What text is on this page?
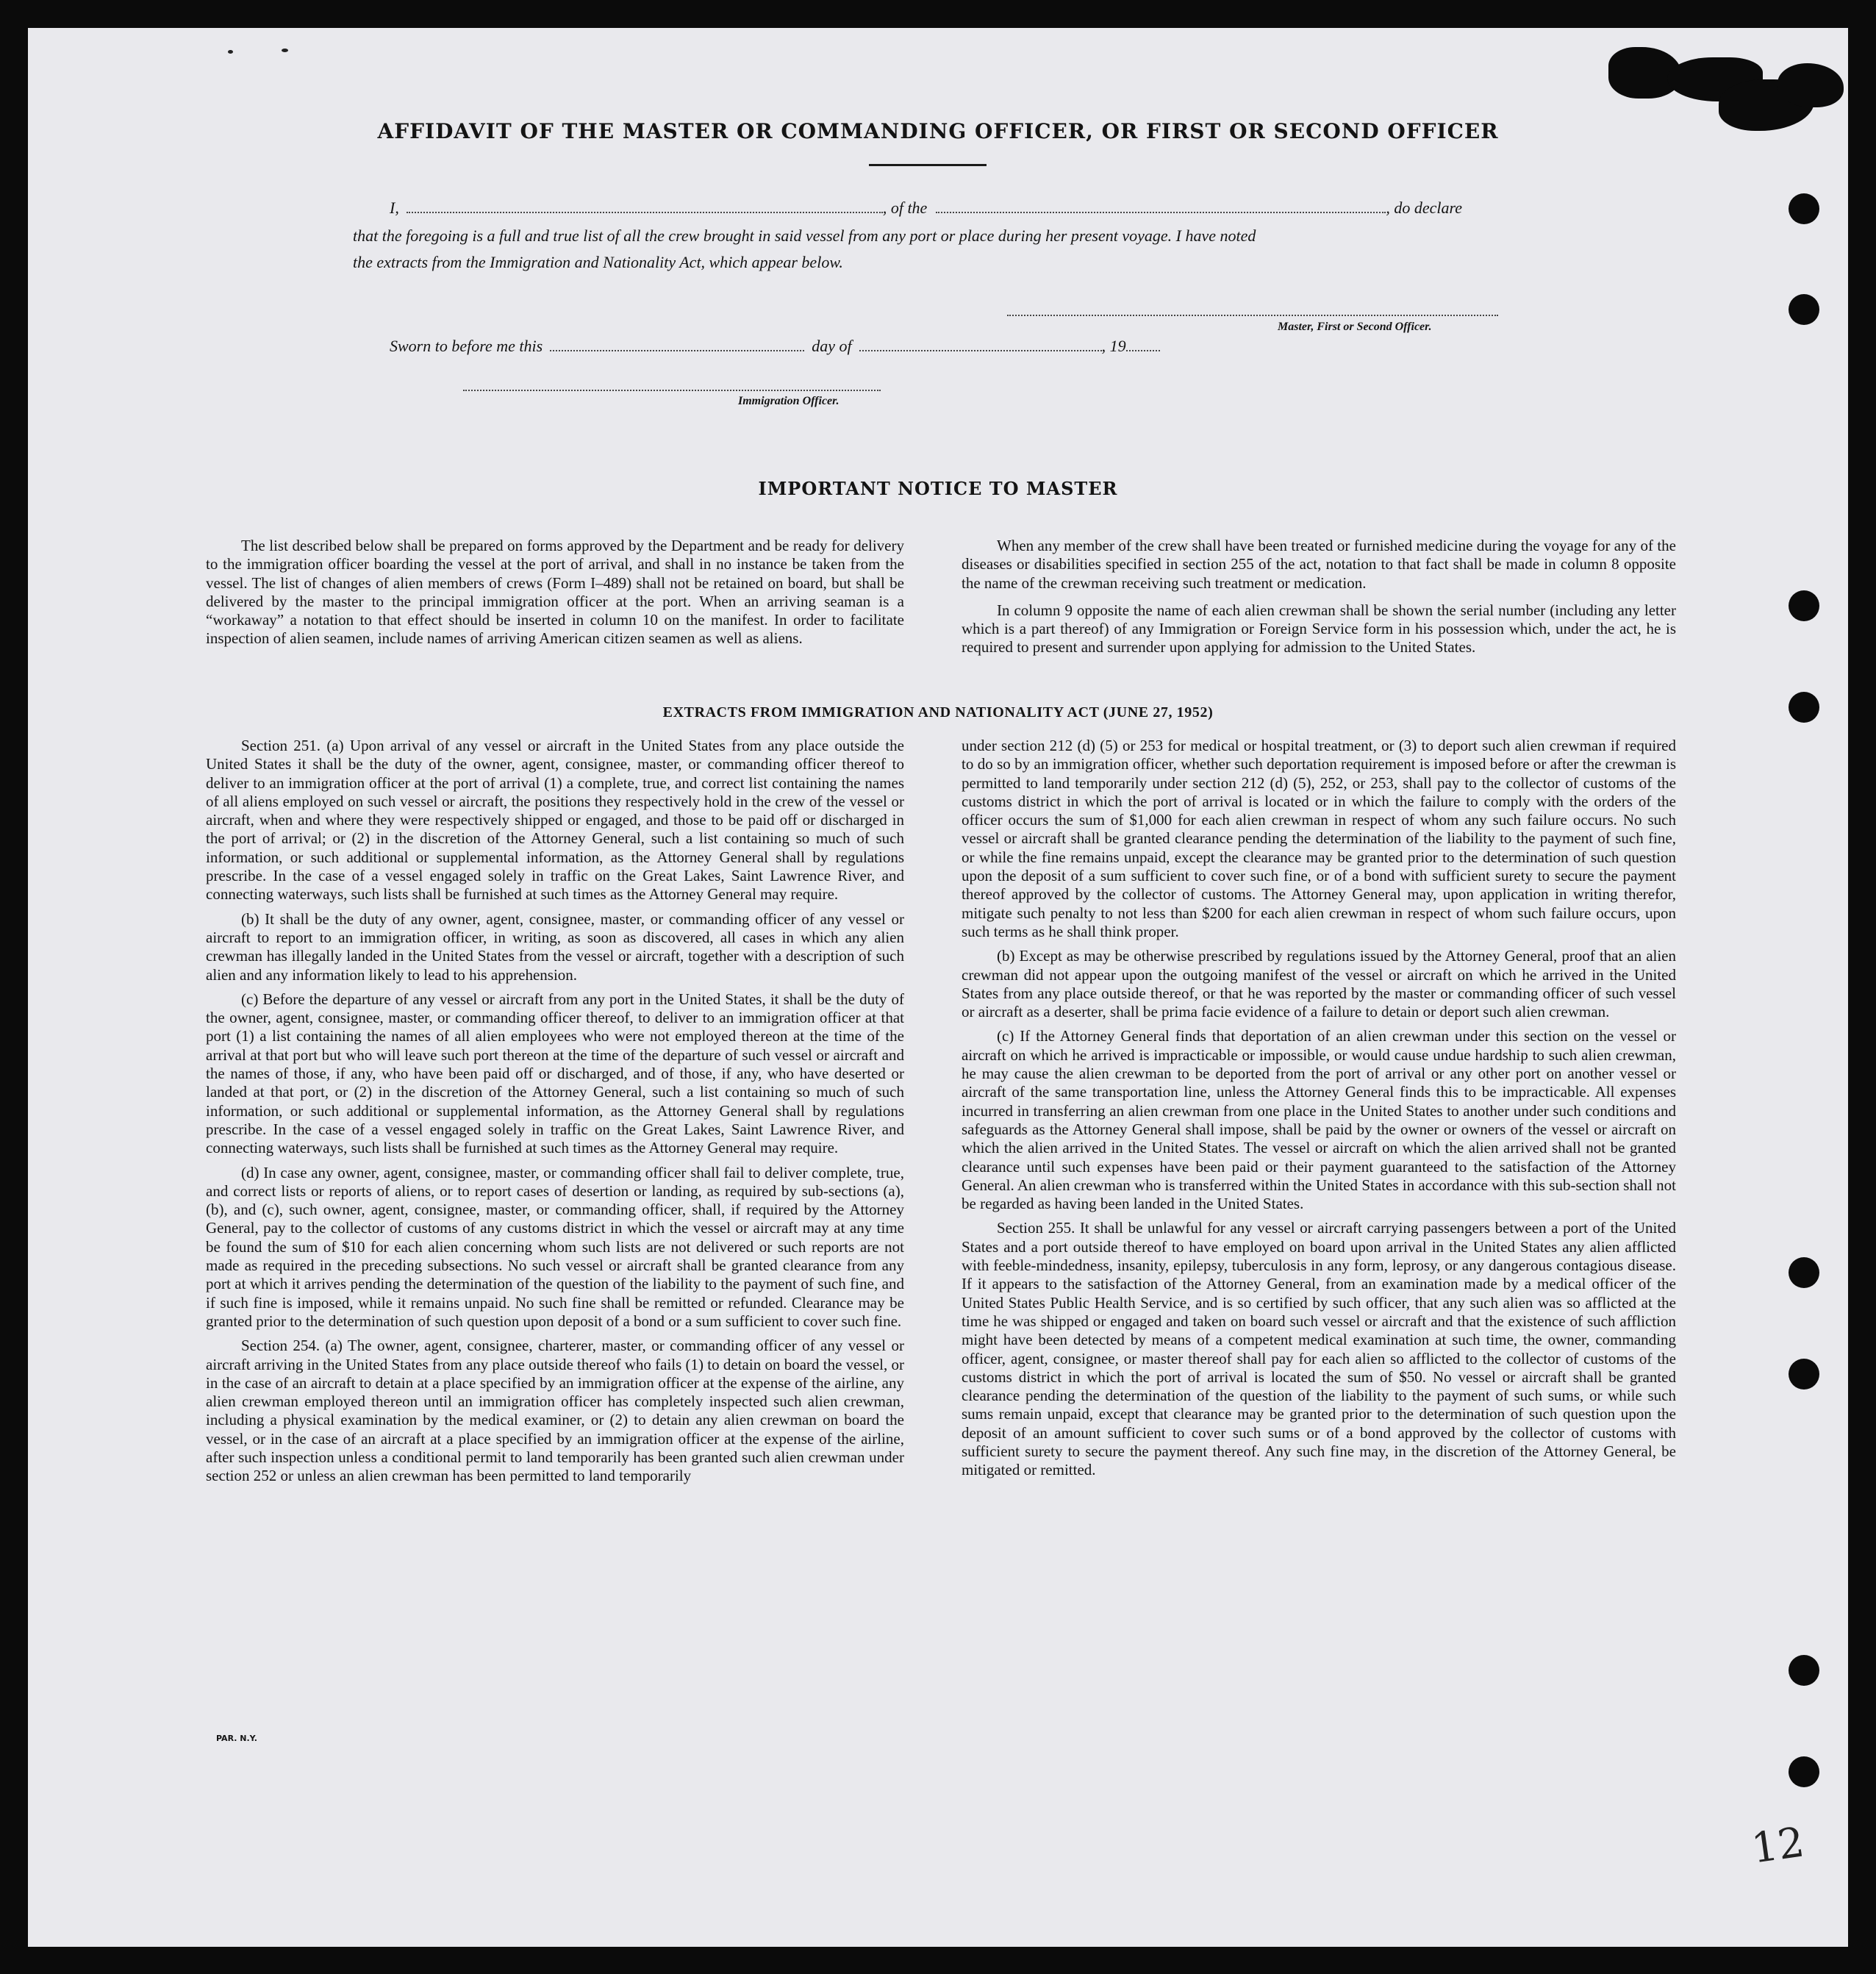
AFFIDAVIT OF THE MASTER OR COMMANDING OFFICER, OR FIRST OR SECOND OFFICER
I,	, of the	, do declare
that the foregoing is a full and true list of all the crew brought in said vessel from any port or place during her present voyage. I have noted
the extracts from the Immigration and Nationality Act, which appear below.
Master, First or Second Officer.
Sworn to before me this	day of	, 19
Immigration Officer.
IMPORTANT NOTICE TO MASTER

The list described below shall be prepared on forms approved by the Department and be ready for delivery to the immigration officer boarding the vessel at the port of arrival, and shall in no instance be taken from the vessel. The list of changes of alien members of crews (Form I–489) shall not be retained on board, but shall be delivered by the master to the principal immigration officer at the port. When an arriving seaman is a “workaway” a notation to that effect should be inserted in column 10 on the manifest. In order to facilitate inspection of alien seamen, include names of arriving American citizen seamen as well as aliens.

When any member of the crew shall have been treated or furnished medicine during the voyage for any of the diseases or disabilities specified in section 255 of the act, notation to that fact shall be made in column 8 opposite the name of the crewman receiving such treatment or medication.

In column 9 opposite the name of each alien crewman shall be shown the serial number (including any letter which is a part thereof) of any Immigration or Foreign Service form in his possession which, under the act, he is required to present and surrender upon applying for admission to the United States.

EXTRACTS FROM IMMIGRATION AND NATIONALITY ACT (JUNE 27, 1952)

Section 251. (a) Upon arrival of any vessel or aircraft in the United States from any place outside the United States it shall be the duty of the owner, agent, consignee, master, or commanding officer thereof to deliver to an immigration officer at the port of arrival (1) a complete, true, and correct list containing the names of all aliens employed on such vessel or aircraft, the positions they respectively hold in the crew of the vessel or aircraft, when and where they were respectively shipped or engaged, and those to be paid off or discharged in the port of arrival; or (2) in the discretion of the Attorney General, such a list containing so much of such information, or such additional or supplemental information, as the Attorney General shall by regulations prescribe. In the case of a vessel engaged solely in traffic on the Great Lakes, Saint Lawrence River, and connecting waterways, such lists shall be furnished at such times as the Attorney General may require.

(b) It shall be the duty of any owner, agent, consignee, master, or commanding officer of any vessel or aircraft to report to an immigration officer, in writing, as soon as discovered, all cases in which any alien crewman has illegally landed in the United States from the vessel or aircraft, together with a description of such alien and any information likely to lead to his apprehension.

(c) Before the departure of any vessel or aircraft from any port in the United States, it shall be the duty of the owner, agent, consignee, master, or commanding officer thereof, to deliver to an immigration officer at that port (1) a list containing the names of all alien employees who were not employed thereon at the time of the arrival at that port but who will leave such port thereon at the time of the departure of such vessel or aircraft and the names of those, if any, who have been paid off or discharged, and of those, if any, who have deserted or landed at that port, or (2) in the discretion of the Attorney General, such a list containing so much of such information, or such additional or supplemental information, as the Attorney General shall by regulations prescribe. In the case of a vessel engaged solely in traffic on the Great Lakes, Saint Lawrence River, and connecting waterways, such lists shall be furnished at such times as the Attorney General may require.

(d) In case any owner, agent, consignee, master, or commanding officer shall fail to deliver complete, true, and correct lists or reports of aliens, or to report cases of desertion or landing, as required by sub-sections (a), (b), and (c), such owner, agent, consignee, master, or commanding officer, shall, if required by the Attorney General, pay to the collector of customs of any customs district in which the vessel or aircraft may at any time be found the sum of $10 for each alien concerning whom such lists are not delivered or such reports are not made as required in the preceding subsections. No such vessel or aircraft shall be granted clearance from any port at which it arrives pending the determination of the question of the liability to the payment of such fine, and if such fine is imposed, while it remains unpaid. No such fine shall be remitted or refunded. Clearance may be granted prior to the determination of such question upon deposit of a bond or a sum sufficient to cover such fine.

Section 254. (a) The owner, agent, consignee, charterer, master, or commanding officer of any vessel or aircraft arriving in the United States from any place outside thereof who fails (1) to detain on board the vessel, or in the case of an aircraft to detain at a place specified by an immigration officer at the expense of the airline, any alien crewman employed thereon until an immigration officer has completely inspected such alien crewman, including a physical examination by the medical examiner, or (2) to detain any alien crewman on board the vessel, or in the case of an aircraft at a place specified by an immigration officer at the expense of the airline, after such inspection unless a conditional permit to land temporarily has been granted such alien crewman under section 252 or unless an alien crewman has been permitted to land temporarily

under section 212 (d) (5) or 253 for medical or hospital treatment, or (3) to deport such alien crewman if required to do so by an immigration officer, whether such deportation requirement is imposed before or after the crewman is permitted to land temporarily under section 212 (d) (5), 252, or 253, shall pay to the collector of customs of the customs district in which the port of arrival is located or in which the failure to comply with the orders of the officer occurs the sum of $1,000 for each alien crewman in respect of whom any such failure occurs. No such vessel or aircraft shall be granted clearance pending the determination of the liability to the payment of such fine, or while the fine remains unpaid, except the clearance may be granted prior to the determination of such question upon the deposit of a sum sufficient to cover such fine, or of a bond with sufficient surety to secure the payment thereof approved by the collector of customs. The Attorney General may, upon application in writing therefor, mitigate such penalty to not less than $200 for each alien crewman in respect of whom such failure occurs, upon such terms as he shall think proper.

(b) Except as may be otherwise prescribed by regulations issued by the Attorney General, proof that an alien crewman did not appear upon the outgoing manifest of the vessel or aircraft on which he arrived in the United States from any place outside thereof, or that he was reported by the master or commanding officer of such vessel or aircraft as a deserter, shall be prima facie evidence of a failure to detain or deport such alien crewman.

(c) If the Attorney General finds that deportation of an alien crewman under this section on the vessel or aircraft on which he arrived is impracticable or impossible, or would cause undue hardship to such alien crewman, he may cause the alien crewman to be deported from the port of arrival or any other port on another vessel or aircraft of the same transportation line, unless the Attorney General finds this to be impracticable. All expenses incurred in transferring an alien crewman from one place in the United States to another under such conditions and safeguards as the Attorney General shall impose, shall be paid by the owner or owners of the vessel or aircraft on which the alien arrived in the United States. The vessel or aircraft on which the alien arrived shall not be granted clearance until such expenses have been paid or their payment guaranteed to the satisfaction of the Attorney General. An alien crewman who is transferred within the United States in accordance with this sub-section shall not be regarded as having been landed in the United States.

Section 255. It shall be unlawful for any vessel or aircraft carrying passengers between a port of the United States and a port outside thereof to have employed on board upon arrival in the United States any alien afflicted with feeble-mindedness, insanity, epilepsy, tuberculosis in any form, leprosy, or any dangerous contagious disease. If it appears to the satisfaction of the Attorney General, from an examination made by a medical officer of the United States Public Health Service, and is so certified by such officer, that any such alien was so afflicted at the time he was shipped or engaged and taken on board such vessel or aircraft and that the existence of such affliction might have been detected by means of a competent medical examination at such time, the owner, commanding officer, agent, consignee, or master thereof shall pay for each alien so afflicted to the collector of customs of the customs district in which the port of arrival is located the sum of $50. No vessel or aircraft shall be granted clearance pending the determination of the question of the liability to the payment of such sums, or while such sums remain unpaid, except that clearance may be granted prior to the determination of such question upon the deposit of an amount sufficient to cover such sums or of a bond approved by the collector of customs with sufficient surety to secure the payment thereof. Any such fine may, in the discretion of the Attorney General, be mitigated or remitted.

PAR. N.Y.
12
